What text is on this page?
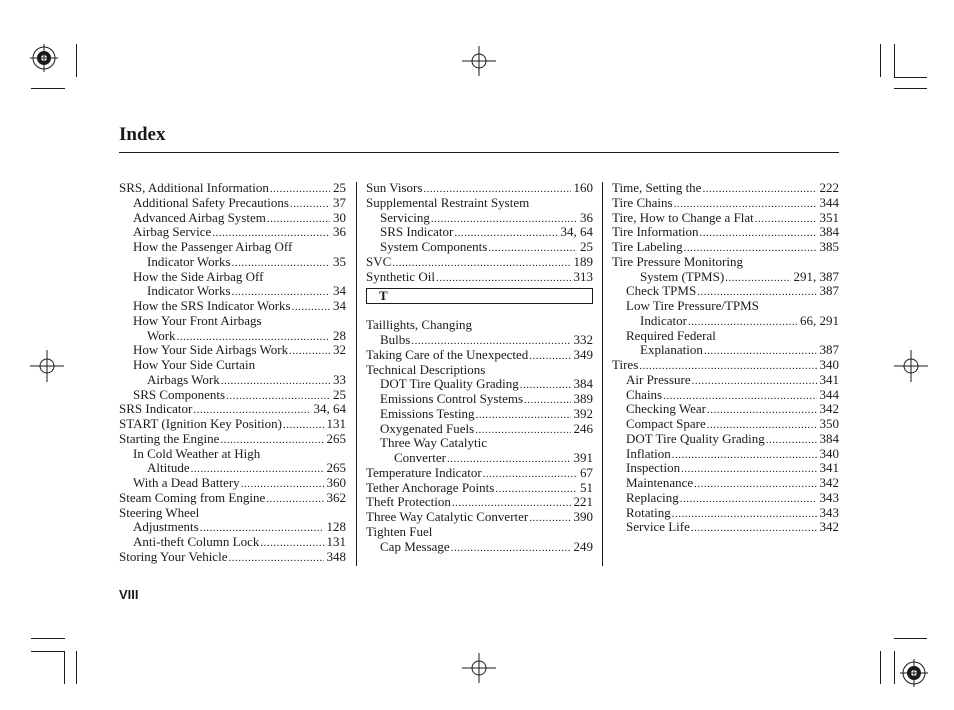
Index
SRS, Additional Information .....	25
Additional Safety Precautions .....	37
Advanced Airbag System .....	30
Airbag Service .....	36
How the Passenger Airbag Off
Indicator Works .....	35
How the Side Airbag Off
Indicator Works .....	34
How the SRS Indicator Works .....	34
How Your Front Airbags
Work .....	28
How Your Side Airbags Work .....	32
How Your Side Curtain
Airbags Work .....	33
SRS Components .....	25
SRS Indicator .....	34, 64
START (Ignition Key Position) .....	131
Starting the Engine .....	265
In Cold Weather at High
Altitude .....	265
With a Dead Battery .....	360
Steam Coming from Engine .....	362
Steering Wheel
Adjustments .....	128
Anti-theft Column Lock .....	131
Storing Your Vehicle .....	348
Sun Visors .....	160
Supplemental Restraint System
Servicing .....	36
SRS Indicator .....	34, 64
System Components .....	25
SVC .....	189
Synthetic Oil .....	313
T
Taillights, Changing
Bulbs .....	332
Taking Care of the Unexpected .....	349
Technical Descriptions
DOT Tire Quality Grading .....	384
Emissions Control Systems .....	389
Emissions Testing .....	392
Oxygenated Fuels .....	246
Three Way Catalytic
Converter .....	391
Temperature Indicator .....	67
Tether Anchorage Points .....	51
Theft Protection .....	221
Three Way Catalytic Converter .....	390
Tighten Fuel
Cap Message .....	249
Time, Setting the .....	222
Tire Chains .....	344
Tire, How to Change a Flat .....	351
Tire Information .....	384
Tire Labeling .....	385
Tire Pressure Monitoring
System (TPMS) .....	291, 387
Check TPMS .....	387
Low Tire Pressure/TPMS
Indicator .....	66, 291
Required Federal
Explanation .....	387
Tires .....	340
Air Pressure .....	341
Chains .....	344
Checking Wear .....	342
Compact Spare .....	350
DOT Tire Quality Grading .....	384
Inflation .....	340
Inspection .....	341
Maintenance .....	342
Replacing .....	343
Rotating .....	343
Service Life .....	342
VIII
